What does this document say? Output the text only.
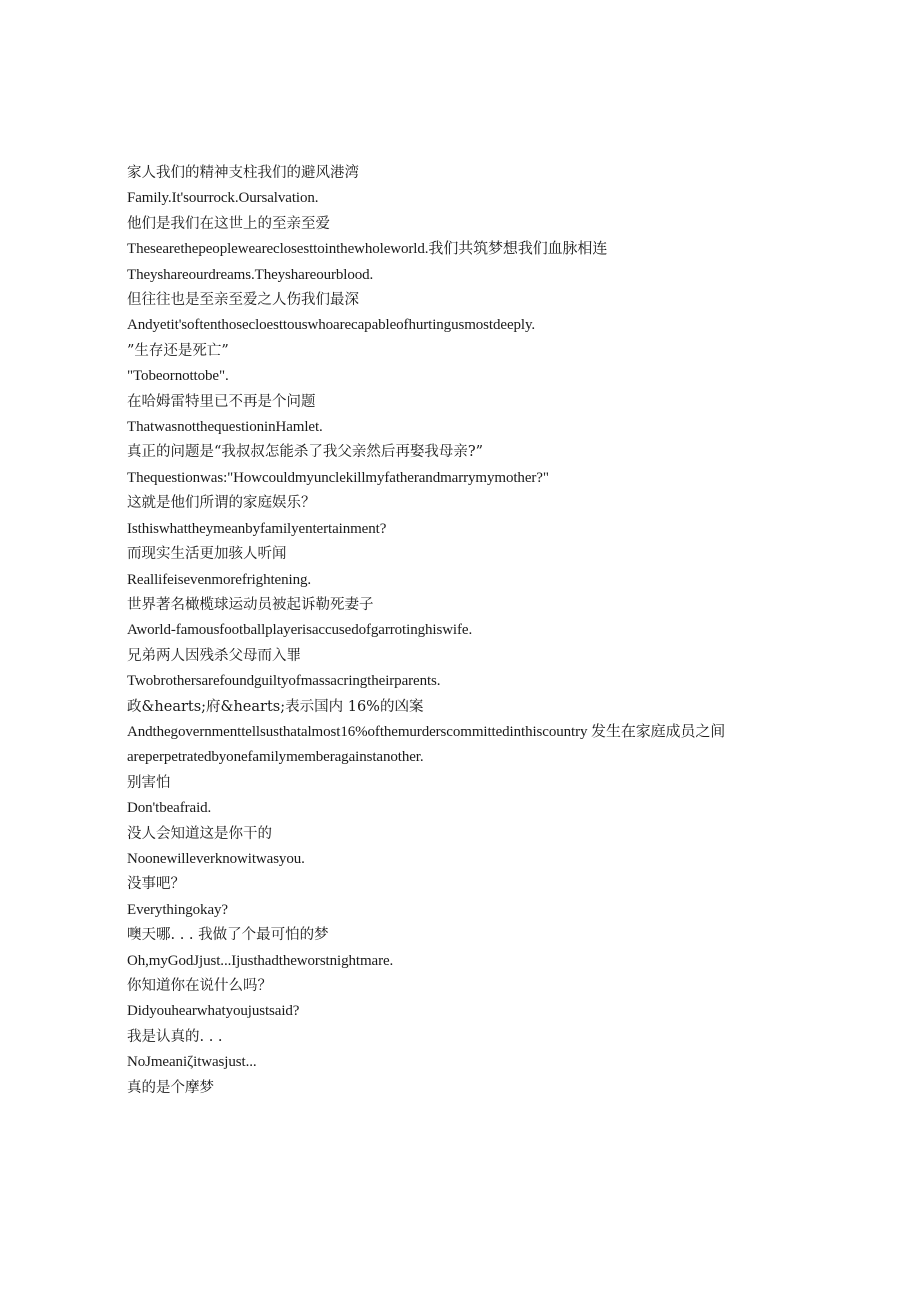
家人我们的精神支柱我们的避风港湾
Family.It'sourrock.Oursalvation.
他们是我们在这世上的至亲至爱
Thesearethepeopleweareclosesttointhewholeworld.我们共筑梦想我们血脉相连
Theyshareourdreams.Theyshareourblood.
但往往也是至亲至爱之人伤我们最深
Andyetit'softenthosecloesttouswhoarecapableofhurtingusmostdeeply.
”生存还是死亡”
"Tobeornottobe".
在哈姆雷特里已不再是个问题
ThatwasnotthequestioninHamlet.
真正的问题是“我叔叔怎能杀了我父亲然后再娶我母亲?”
Thequestionwas:"Howcouldmyunclekillmyfatherandmarrymymother?"
这就是他们所谓的家庭娱乐？
Isthiswhattheymeanbyfamilyentertainment?
而现实生活更加骇人听闻
Reallifeisevenmorefrightening.
世界著名橄榄球运动员被起诉勒死妻子
Aworld-famousfootballplayerisaccusedofgarrotinghiswife.
兄弟两人因残杀父母而入罪
Twobrothersarefoundguiltyofmassacringtheirparents.
政&hearts;府&hearts;表示国内 16%的凶案
Andthegovernmenttellsusthatalmost16%ofthemurderscommittedinthiscountry 发生在家庭成员之间
areperpetratedbyonefamilymemberagainstanother.
别害怕
Don'tbeafraid.
没人会知道这是你干的
Noonewilleverknowitwasyou.
没事吧？
Everythingokay?
噢天哪. . . 我做了个最可怕的梦
Oh,myGodJjust...Ijusthadtheworstnightmare.
你知道你在说什么吗？
Didyouhearwhatyoujustsaid?
我是认真的. . .
NoJmeaniζitwasjust...
真的是个摩梦
